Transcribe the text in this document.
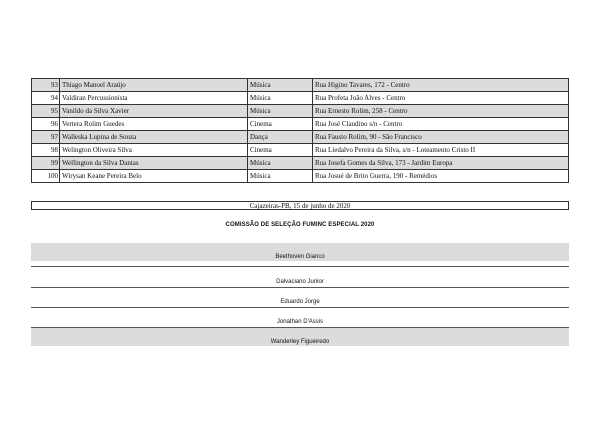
93	Thiago Manoel Araújo	Música	Rua Higino Tavares, 172 - Centro
94	Valdiran Percussionista	Música	Rua Profeta João Alves - Centro
95	Vanildo da Silva Xavier	Música	Rua Ernesto Rolim, 258 - Centro
96	Vertera Rolim Guedes	Cinema	Rua José Claudino s/n - Centro
97	Walleska Lupina de Souza	Dança	Rua Fausto Rolim, 90 - São Francisco
98	Welington Oliveira Silva	Cinema	Rua Liedalvo Pereira da Silva, s/n - Loteamento Cristo II
99	Wellington da Silva Dantas	Música	Rua Josefa Gomes da Silva, 173 - Jardim Europa
100	Wirysan Keane Pereira Belo	Música	Rua Josué de Brito Guerra, 190 - Remédios
Cajazeiras-PB, 15 de junho de 2020
COMISSÃO DE SELEÇÃO FUMINC ESPECIAL 2020
Beethoven Gianco
Dalvaciano Junior
Eduardo Jorge
Jonathan D'Assis
Wanderley Figueiredo
